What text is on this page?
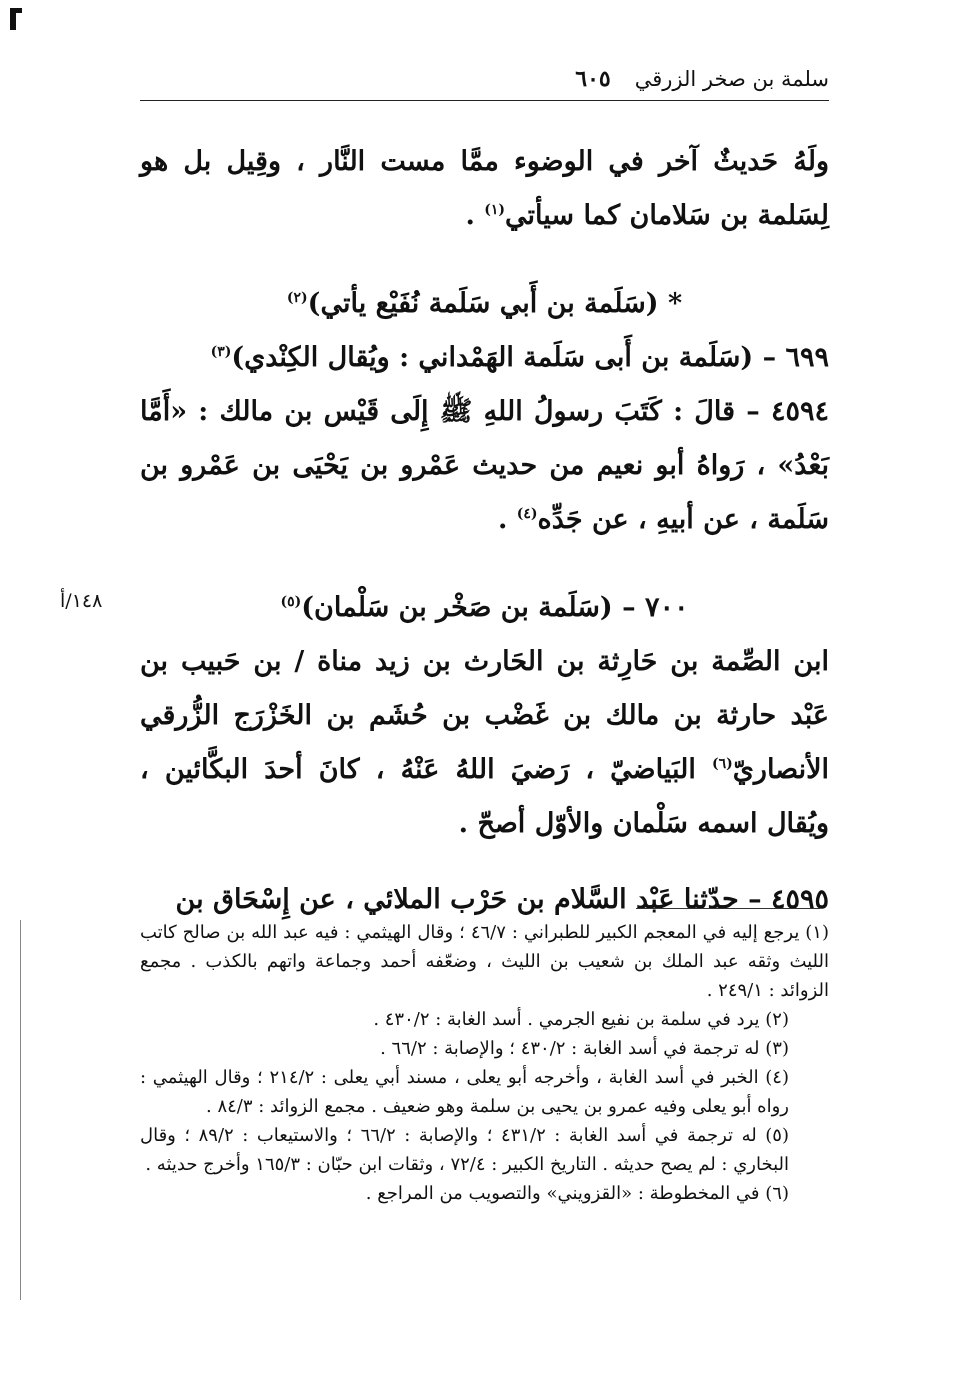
سلمة بن صخر الزرقي
٦٠٥
١٤٨/أ

ولَهُ حَديثٌ آخر في الوضوء ممَّا مست النَّار ، وقِيل بل هو لِسَلمة بن سَلامان كما سيأتي$^{(١)}$ .

* (سَلَمة بن أَبي سَلَمة نُفَيْع يأتي)$^{(٢)}$

٦٩٩ – (سَلَمة بن أَبى سَلَمة الهَمْداني : ويُقال الكِنْدي)$^{(٣)}$

٤٥٩٤ – قالَ : كَتَبَ رسولُ اللهِ ﷺ إِلَى قَيْس بن مالك : «أَمَّا بَعْدُ» ، رَواهُ أبو نعيم من حديث عَمْرو بن يَحْيَى بن عَمْرو بن سَلَمة ، عن أبيهِ ، عن جَدِّه$^{(٤)}$ .

٧٠٠ – (سَلَمة بن صَخْر بن سَلْمان)$^{(٥)}$

ابن الصِّمة بن حَارِثة بن الحَارث بن زيد مناة / بن حَبيب بن عَبْد حارثة بن مالك بن غَضْب بن حُشَم بن الخَزْرَج الزُّرقي الأنصاريّ$^{(٦)}$ البَياضيّ ، رَضيَ اللهُ عَنْهُ ، كانَ أحدَ البكَّائين ، ويُقال اسمه سَلْمان والأوّل أصحّ .

٤٥٩٥ – حدّثنا عَبْد السَّلام بن حَرْب الملائي ، عن إِسْحَاق بن

(١) يرجع إليه في المعجم الكبير للطبراني : ٤٦/٧ ؛ وقال الهيثمي : فيه عبد الله بن صالح كاتب الليث وثقه عبد الملك بن شعيب بن الليث ، وضعّفه أحمد وجماعة واتهم بالكذب . مجمع الزوائد : ٢٤٩/١ .

(٢) يرد في سلمة بن نفيع الجرمي . أسد الغابة : ٤٣٠/٢ .

(٣) له ترجمة في أسد الغابة : ٤٣٠/٢ ؛ والإصابة : ٦٦/٢ .

(٤) الخبر في أسد الغابة ، وأخرجه أبو يعلى ، مسند أبي يعلى : ٢١٤/٢ ؛ وقال الهيثمي : رواه أبو يعلى وفيه عمرو بن يحيى بن سلمة وهو ضعيف . مجمع الزوائد : ٨٤/٣ .

(٥) له ترجمة في أسد الغابة : ٤٣١/٢ ؛ والإصابة : ٦٦/٢ ؛ والاستيعاب : ٨٩/٢ ؛ وقال البخاري : لم يصح حديثه . التاريخ الكبير : ٧٢/٤ ، وثقات ابن حبّان : ١٦٥/٣ وأخرج حديثه .

(٦) في المخطوطة : «القزويني» والتصويب من المراجع .
